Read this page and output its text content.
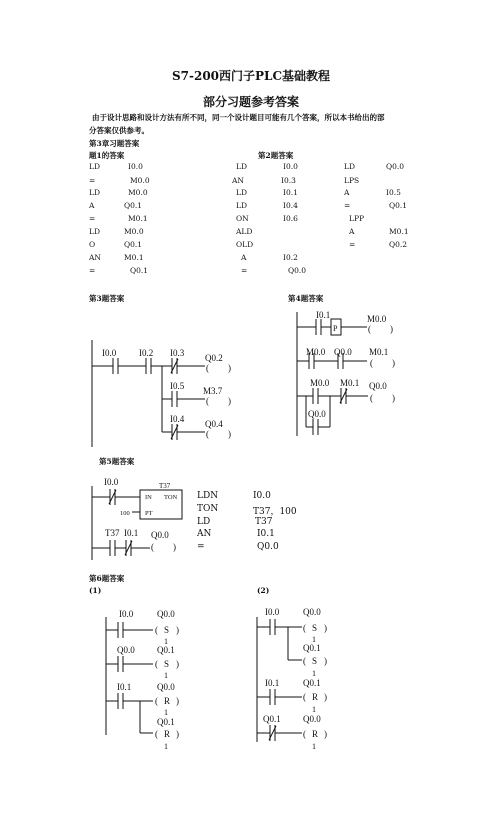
S7-200西门子PLC基础教程
部分习题参考答案
由于设计思路和设计方法有所不同，同一个设计题目可能有几个答案，所以本书给出的部
分答案仅供参考。
第3章习题答案
题1的答案	第2题答案
LD	I0.0
=	M0.0
LD	M0.0
A	Q0.1
=	M0.1
LD	M0.0
O	Q0.1
AN	M0.1
=	Q0.1
LD	I0.0
AN	I0.3
LD	I0.1
LD	I0.4
ON	I0.6
ALD
OLD
A	I0.2
=	Q0.0
LD	Q0.0
LPS
A	I0.5
=	Q0.1
LPP
A	M0.1
=	Q0.2
第3题答案	第4题答案
I0.0	I0.2 I0.3
I0.5
I0.4
Q0.2
M3.7
Q0.4
( )
( )
( )
I0.1
P
M0.0
( )
M0.0 Q0.0 M0.1
( )
M0.0 M0.1 Q0.0
( )
Q0.0
第5题答案
I0.0	T37
IN TON
PT
100
T37 I0.1 Q0.0
( )
LDN	I0.0
TON	T37，100
LD	T37
AN	I0.1
=	Q0.0
第6题答案
(1)	(2)
I0.0	Q0.0
( S )
1
Q0.0 Q0.1
( S )
1
I0.1	Q0.0
( R )
1
Q0.1
( R )
1
I0.0	Q0.0
( S )
1
Q0.1
( S )
1
I0.1	Q0.1
( R )
1
Q0.1 Q0.0
( R )
1
